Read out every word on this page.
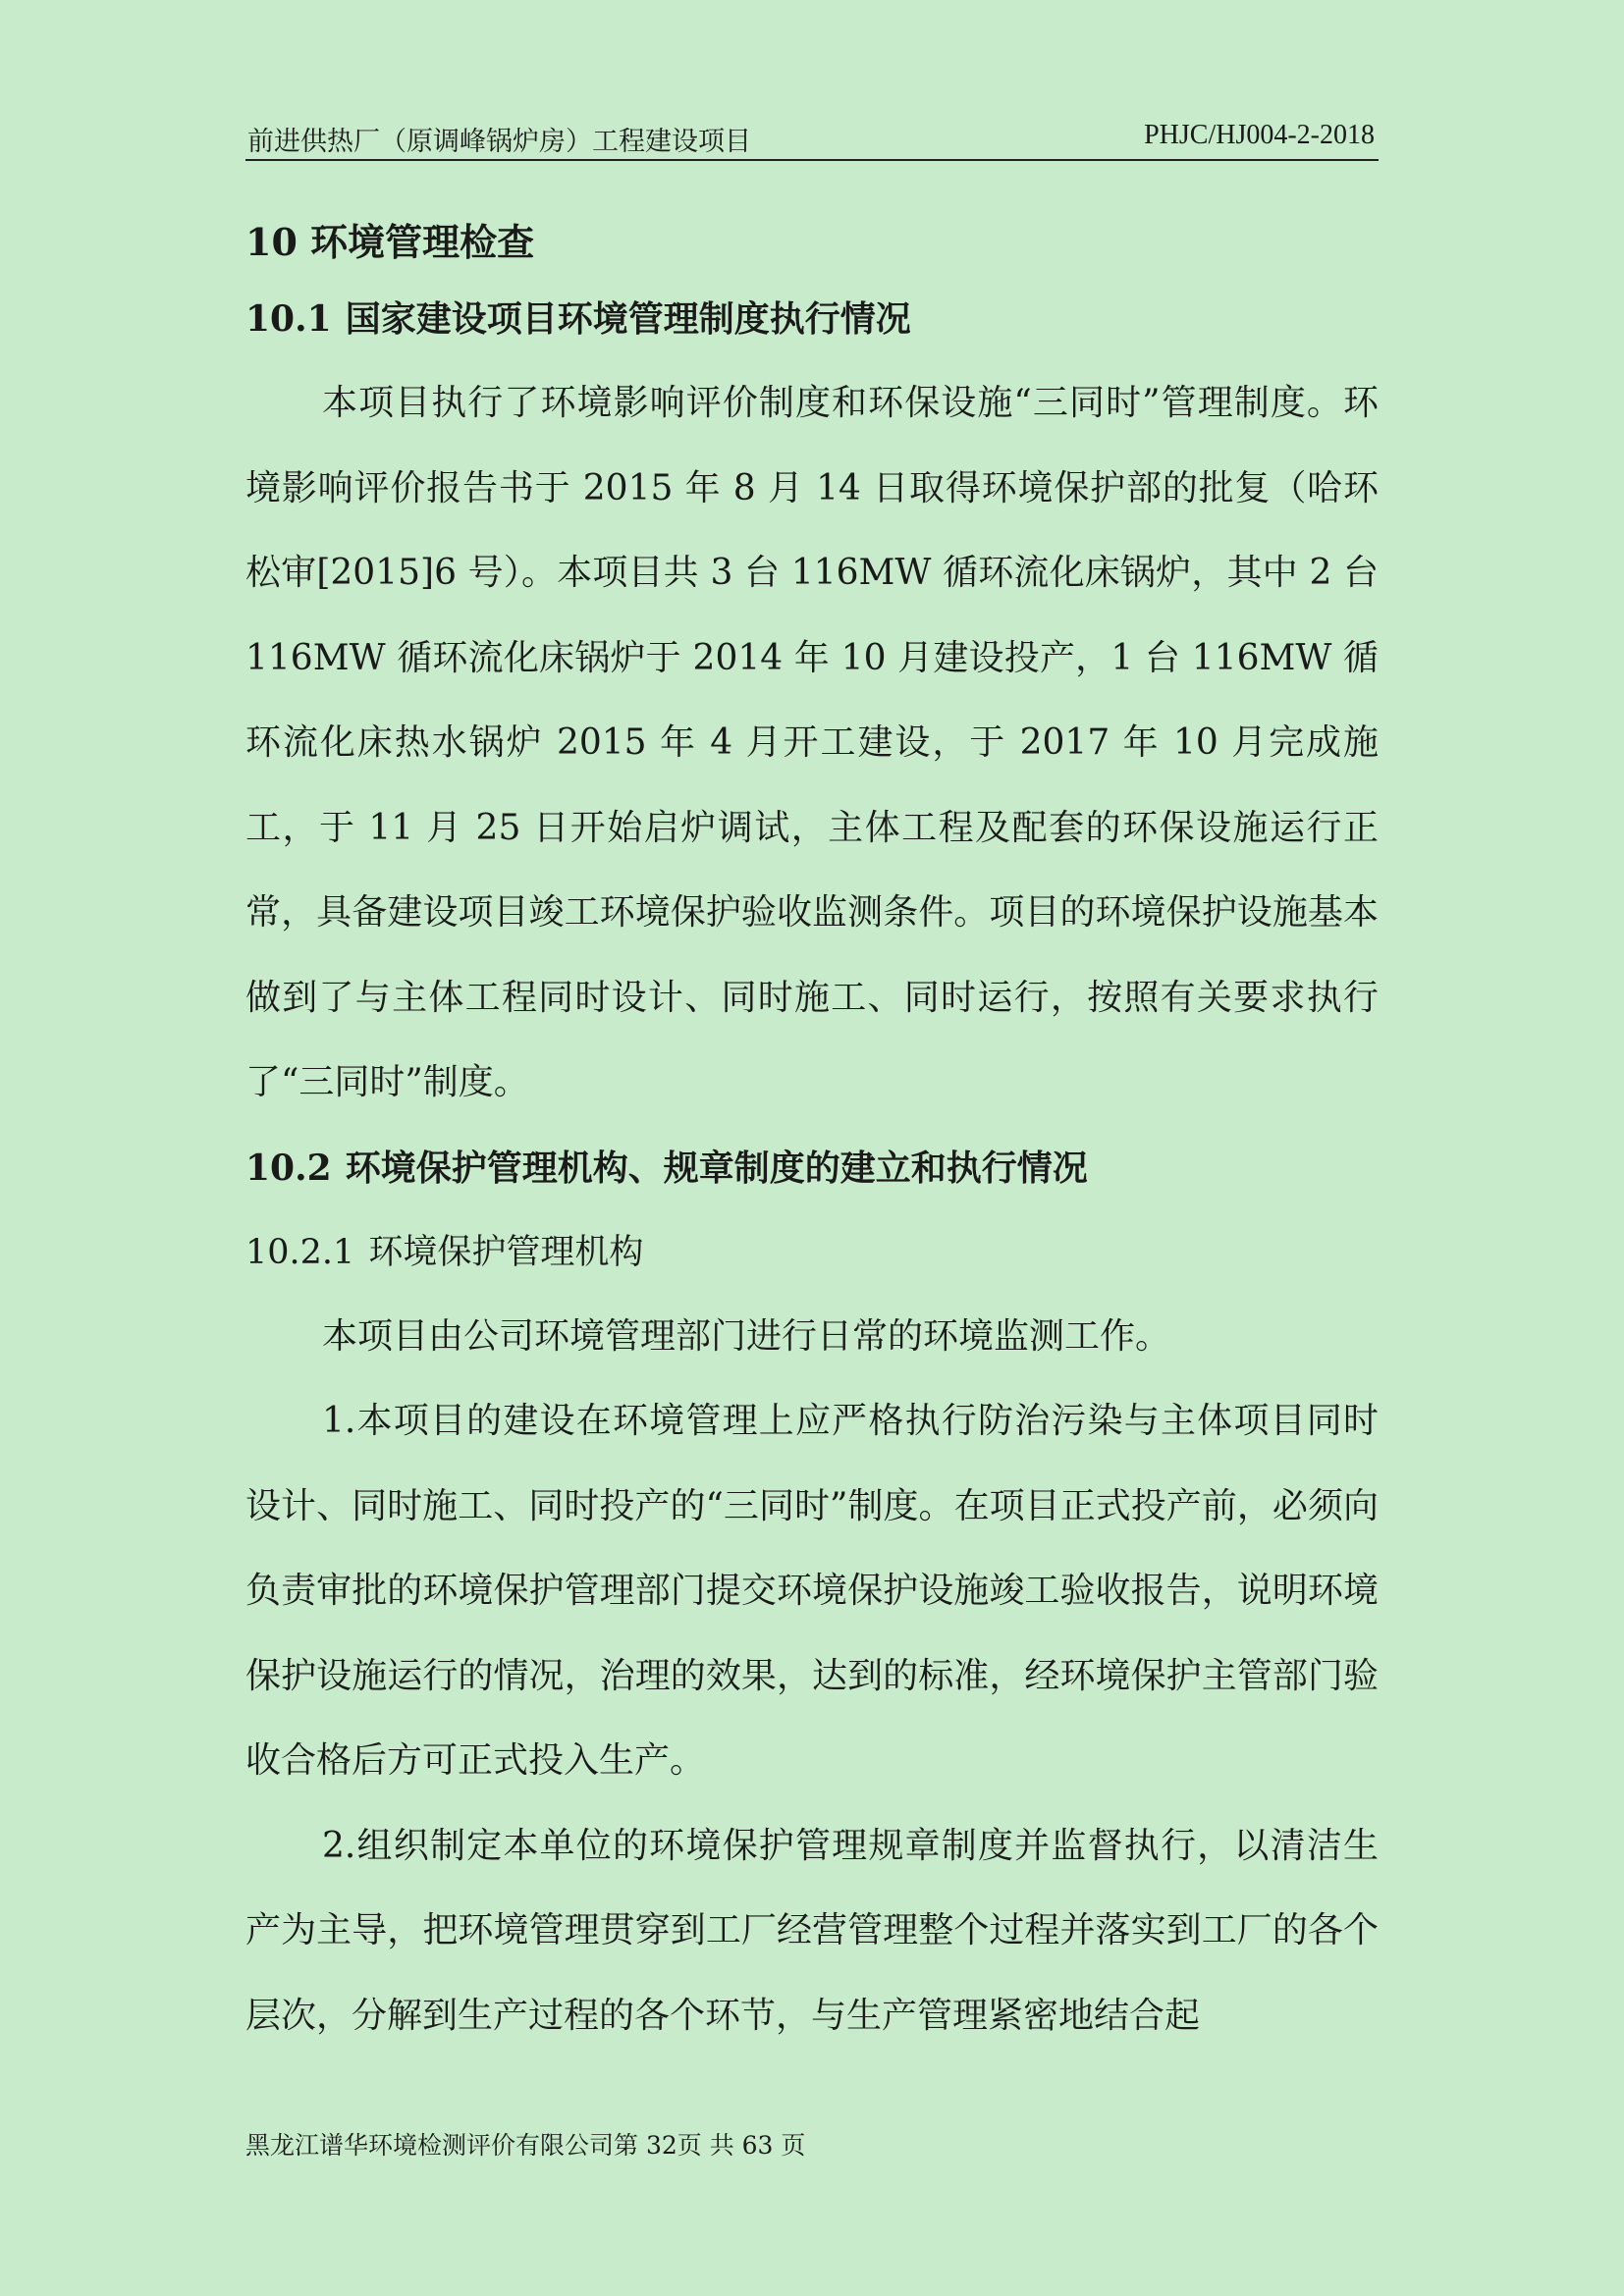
前进供热厂（原调峰锅炉房）工程建设项目	PHJC/HJ004-2-2018
10 环境管理检查
10.1 国家建设项目环境管理制度执行情况

本项目执行了环境影响评价制度和环保设施“三同时”管理制度。环境影响评价报告书于 2015 年 8 月 14 日取得环境保护部的批复（哈环松审[2015]6 号）。本项目共 3 台 116MW 循环流化床锅炉，其中 2 台 116MW 循环流化床锅炉于 2014 年 10 月建设投产，1 台 116MW 循环流化床热水锅炉 2015 年 4 月开工建设，于 2017 年 10 月完成施工，于 11 月 25 日开始启炉调试，主体工程及配套的环保设施运行正常，具备建设项目竣工环境保护验收监测条件。项目的环境保护设施基本做到了与主体工程同时设计、同时施工、同时运行，按照有关要求执行了“三同时”制度。

10.2 环境保护管理机构、规章制度的建立和执行情况
10.2.1 环境保护管理机构

本项目由公司环境管理部门进行日常的环境监测工作。

1.本项目的建设在环境管理上应严格执行防治污染与主体项目同时设计、同时施工、同时投产的“三同时”制度。在项目正式投产前，必须向负责审批的环境保护管理部门提交环境保护设施竣工验收报告，说明环境保护设施运行的情况，治理的效果，达到的标准，经环境保护主管部门验收合格后方可正式投入生产。

2.组织制定本单位的环境保护管理规章制度并监督执行，以清洁生产为主导，把环境管理贯穿到工厂经营管理整个过程并落实到工厂的各个层次，分解到生产过程的各个环节，与生产管理紧密地结合起

黑龙江谱华环境检测评价有限公司第 32页 共 63 页
